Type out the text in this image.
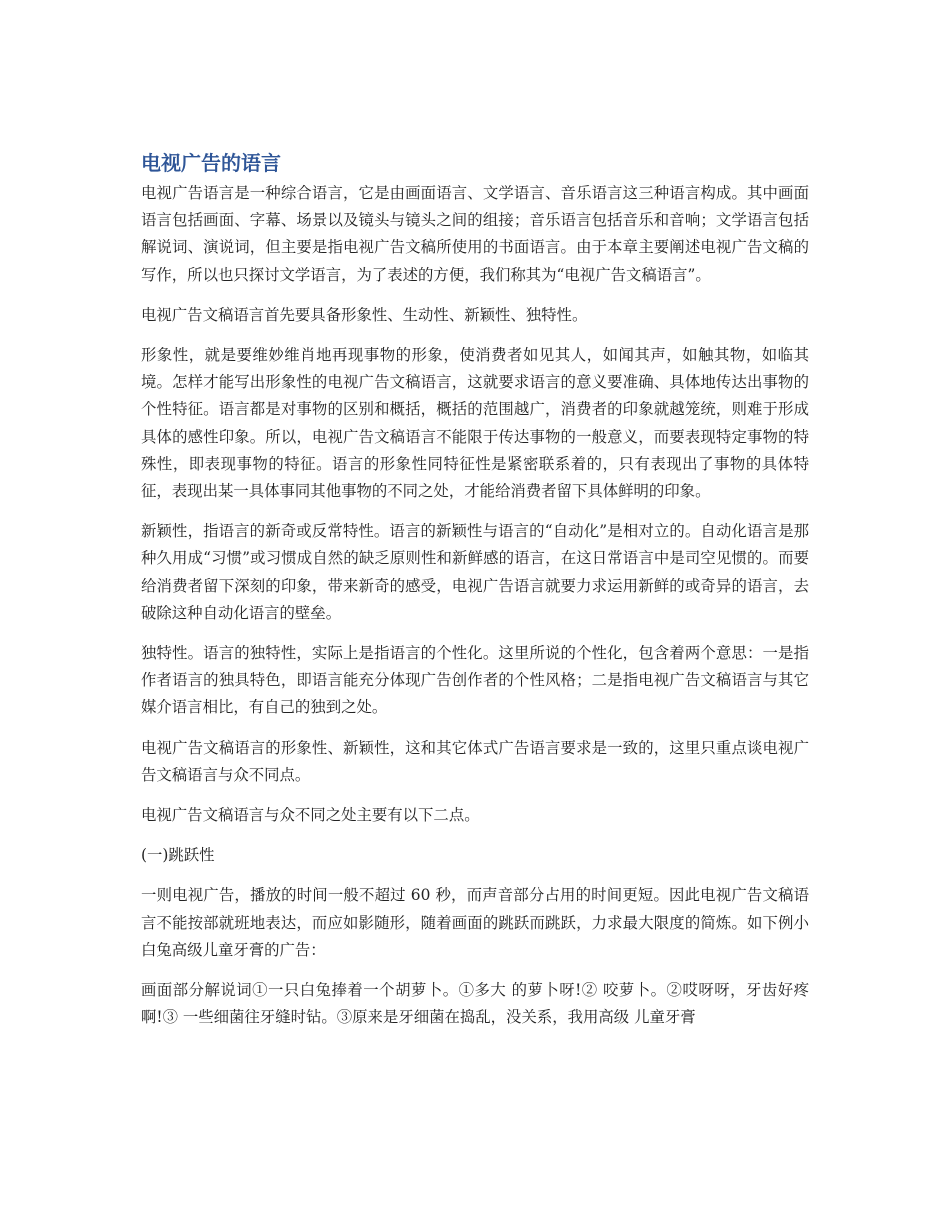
电视广告的语言

电视广告语言是一种综合语言，它是由画面语言、文学语言、音乐语言这三种语言构成。其中画面语言包括画面、字幕、场景以及镜头与镜头之间的组接；音乐语言包括音乐和音响；文学语言包括解说词、演说词，但主要是指电视广告文稿所使用的书面语言。由于本章主要阐述电视广告文稿的写作，所以也只探讨文学语言，为了表述的方便，我们称其为“电视广告文稿语言”。

电视广告文稿语言首先要具备形象性、生动性、新颖性、独特性。

形象性，就是要维妙维肖地再现事物的形象，使消费者如见其人，如闻其声，如触其物，如临其境。怎样才能写出形象性的电视广告文稿语言，这就要求语言的意义要准确、具体地传达出事物的个性特征。语言都是对事物的区别和概括，概括的范围越广，消费者的印象就越笼统，则难于形成具体的感性印象。所以，电视广告文稿语言不能限于传达事物的一般意义，而要表现特定事物的特殊性，即表现事物的特征。语言的形象性同特征性是紧密联系着的，只有表现出了事物的具体特征，表现出某一具体事同其他事物的不同之处，才能给消费者留下具体鲜明的印象。

新颖性，指语言的新奇或反常特性。语言的新颖性与语言的“自动化”是相对立的。自动化语言是那种久用成“习惯”或习惯成自然的缺乏原则性和新鲜感的语言，在这日常语言中是司空见惯的。而要给消费者留下深刻的印象，带来新奇的感受，电视广告语言就要力求运用新鲜的或奇异的语言，去破除这种自动化语言的壁垒。

独特性。语言的独特性，实际上是指语言的个性化。这里所说的个性化，包含着两个意思：一是指作者语言的独具特色，即语言能充分体现广告创作者的个性风格；二是指电视广告文稿语言与其它媒介语言相比，有自己的独到之处。

电视广告文稿语言的形象性、新颖性，这和其它体式广告语言要求是一致的，这里只重点谈电视广告文稿语言与众不同点。

电视广告文稿语言与众不同之处主要有以下二点。

(一)跳跃性

一则电视广告，播放的时间一般不超过 60 秒，而声音部分占用的时间更短。因此电视广告文稿语言不能按部就班地表达，而应如影随形，随着画面的跳跃而跳跃，力求最大限度的简炼。如下例小白兔高级儿童牙膏的广告：

画面部分解说词①一只白兔捧着一个胡萝卜。①多大 的萝卜呀!② 咬萝卜。②哎呀呀，牙齿好疼啊!③ 一些细菌往牙缝时钻。③原来是牙细菌在捣乱，没关系，我用高级 儿童牙膏
